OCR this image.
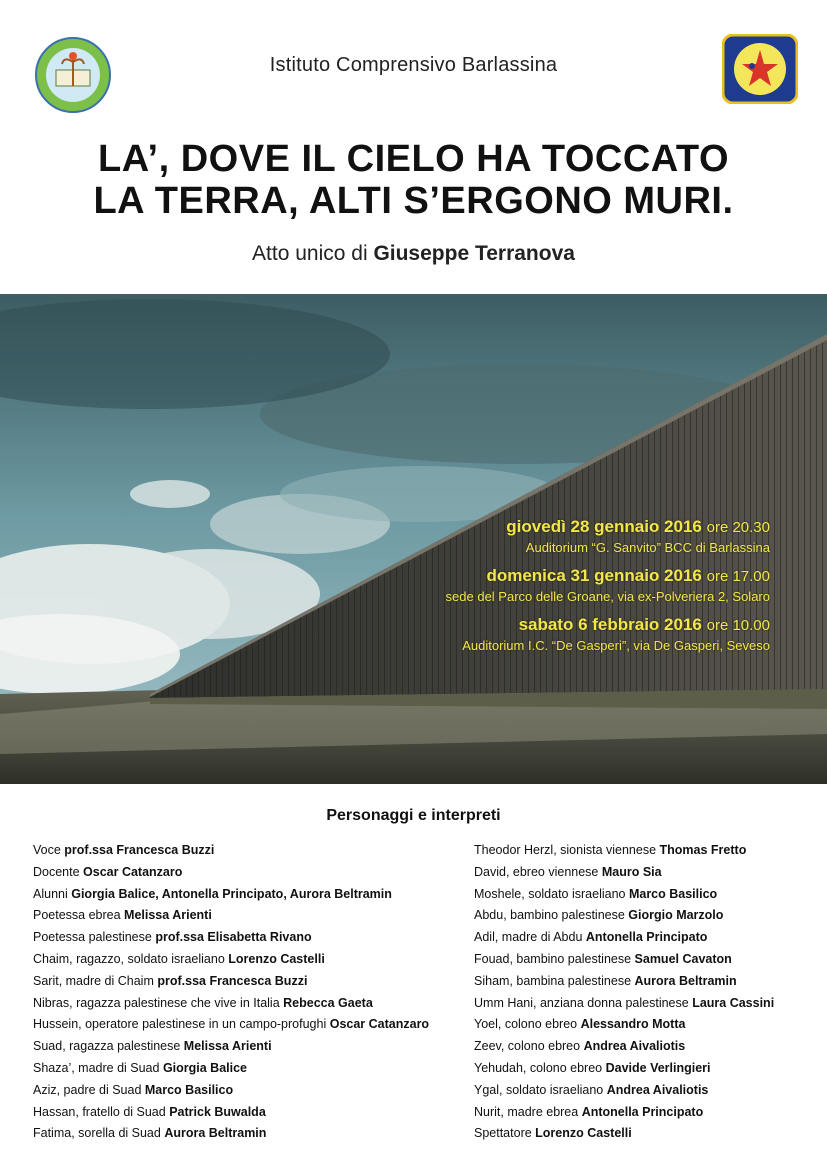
Istituto Comprensivo Barlassina
LA’, DOVE IL CIELO HA TOCCATO
LA TERRA, ALTI S’ERGONO MURI.
Atto unico di Giuseppe Terranova
giovedì 28 gennaio 2016 ore 20.30
Auditorium “G. Sanvito” BCC di Barlassina
domenica 31 gennaio 2016 ore 17.00
sede del Parco delle Groane, via ex-Polveriera 2, Solaro
sabato 6 febbraio 2016 ore 10.00
Auditorium I.C. “De Gasperi”, via De Gasperi, Seveso
Personaggi e interpreti
Voce prof.ssa Francesca Buzzi
Docente Oscar Catanzaro
Alunni Giorgia Balice, Antonella Principato, Aurora Beltramin
Poetessa ebrea Melissa Arienti
Poetessa palestinese prof.ssa Elisabetta Rivano
Chaim, ragazzo, soldato israeliano Lorenzo Castelli
Sarit, madre di Chaim prof.ssa Francesca Buzzi
Nibras, ragazza palestinese che vive in Italia Rebecca Gaeta
Hussein, operatore palestinese in un campo-profughi Oscar Catanzaro
Suad, ragazza palestinese Melissa Arienti
Shaza’, madre di Suad Giorgia Balice
Aziz, padre di Suad Marco Basilico
Hassan, fratello di Suad Patrick Buwalda
Fatima, sorella di Suad Aurora Beltramin
Theodor Herzl, sionista viennese Thomas Fretto
David, ebreo viennese Mauro Sia
Moshele, soldato israeliano Marco Basilico
Abdu, bambino palestinese Giorgio Marzolo
Adil, madre di Abdu Antonella Principato
Fouad, bambino palestinese Samuel Cavaton
Siham, bambina palestinese Aurora Beltramin
Umm Hani, anziana donna palestinese Laura Cassini
Yoel, colono ebreo Alessandro Motta
Zeev, colono ebreo Andrea Aivaliotis
Yehudah, colono ebreo Davide Verlingieri
Ygal, soldato israeliano Andrea Aivaliotis
Nurit, madre ebrea Antonella Principato
Spettatore Lorenzo Castelli
